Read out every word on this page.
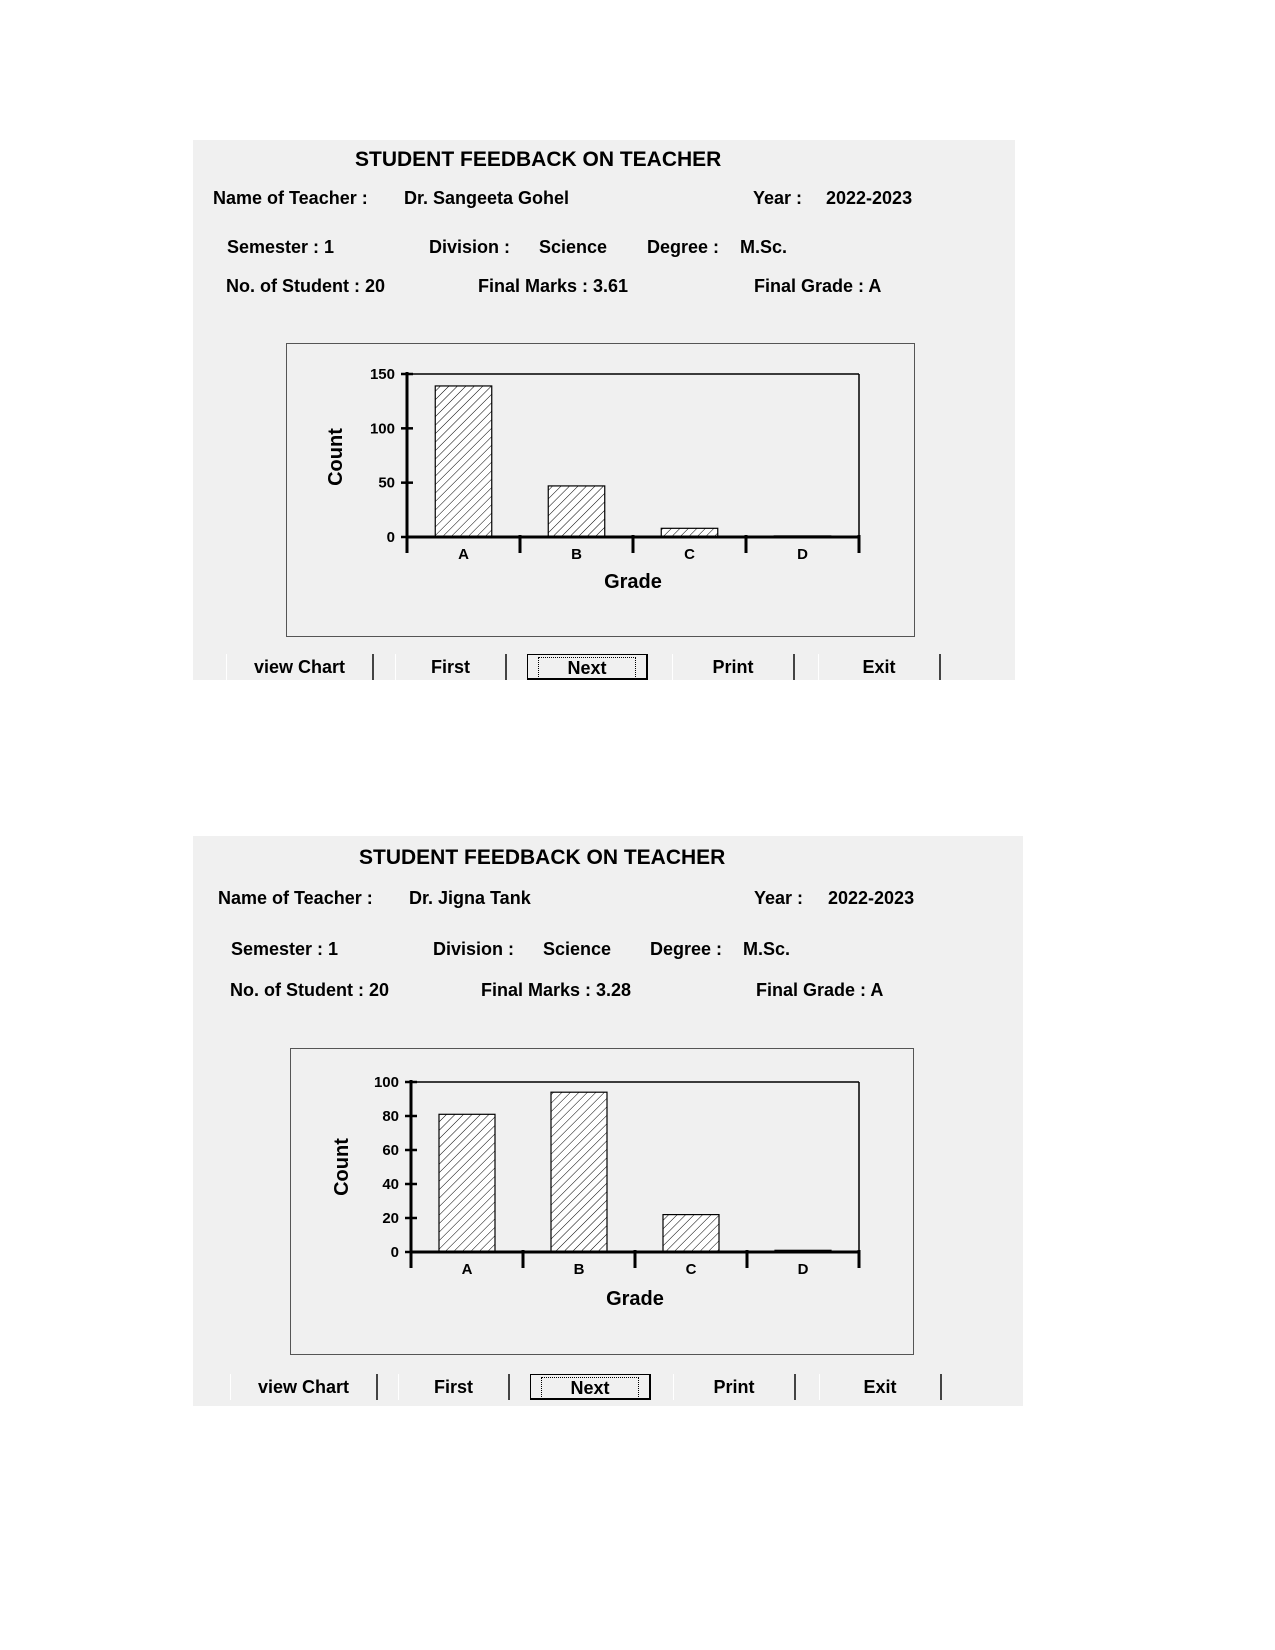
STUDENT FEEDBACK ON TEACHER
Name of Teacher : Dr. Sangeeta Gohel	Year : 2022-2023
Semester : 1	Division : Science Degree : M.Sc.
No. of Student : 20	Final Marks : 3.61	Final Grade : A
0
50
100
150
A	B	C	D
Grade
Count
view Chart	First	Next	Print	Exit
STUDENT FEEDBACK ON TEACHER
Name of Teacher : Dr. Jigna Tank	Year : 2022-2023
Semester : 1	Division : Science Degree : M.Sc.
No. of Student : 20	Final Marks : 3.28	Final Grade : A
0
20
40
60
80
100
A	B	C	D
Grade
Count
view Chart	First	Next	Print	Exit
